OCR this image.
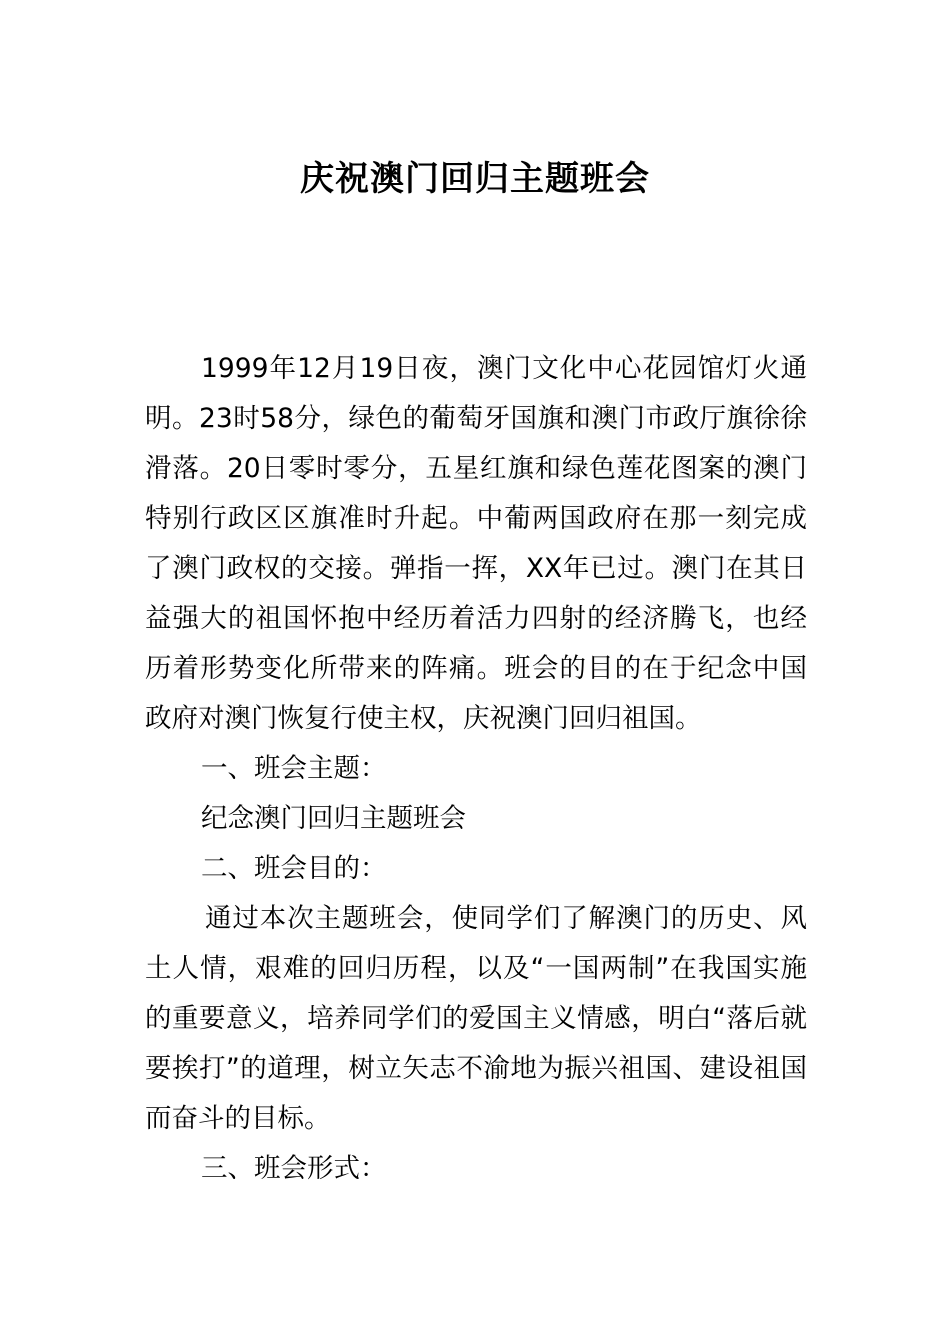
庆祝澳门回归主题班会

1999年12月19日夜，澳门文化中心花园馆灯火通明。23时58分，绿色的葡萄牙国旗和澳门市政厅旗徐徐滑落。20日零时零分，五星红旗和绿色莲花图案的澳门特别行政区区旗准时升起。中葡两国政府在那一刻完成了澳门政权的交接。弹指一挥，XX年已过。澳门在其日益强大的祖国怀抱中经历着活力四射的经济腾飞，也经历着形势变化所带来的阵痛。班会的目的在于纪念中国政府对澳门恢复行使主权，庆祝澳门回归祖国。

一、班会主题：

纪念澳门回归主题班会

二、班会目的：

通过本次主题班会，使同学们了解澳门的历史、风土人情，艰难的回归历程，以及“一国两制”在我国实施的重要意义，培养同学们的爱国主义情感，明白“落后就要挨打”的道理，树立矢志不渝地为振兴祖国、建设祖国而奋斗的目标。

三、班会形式：
